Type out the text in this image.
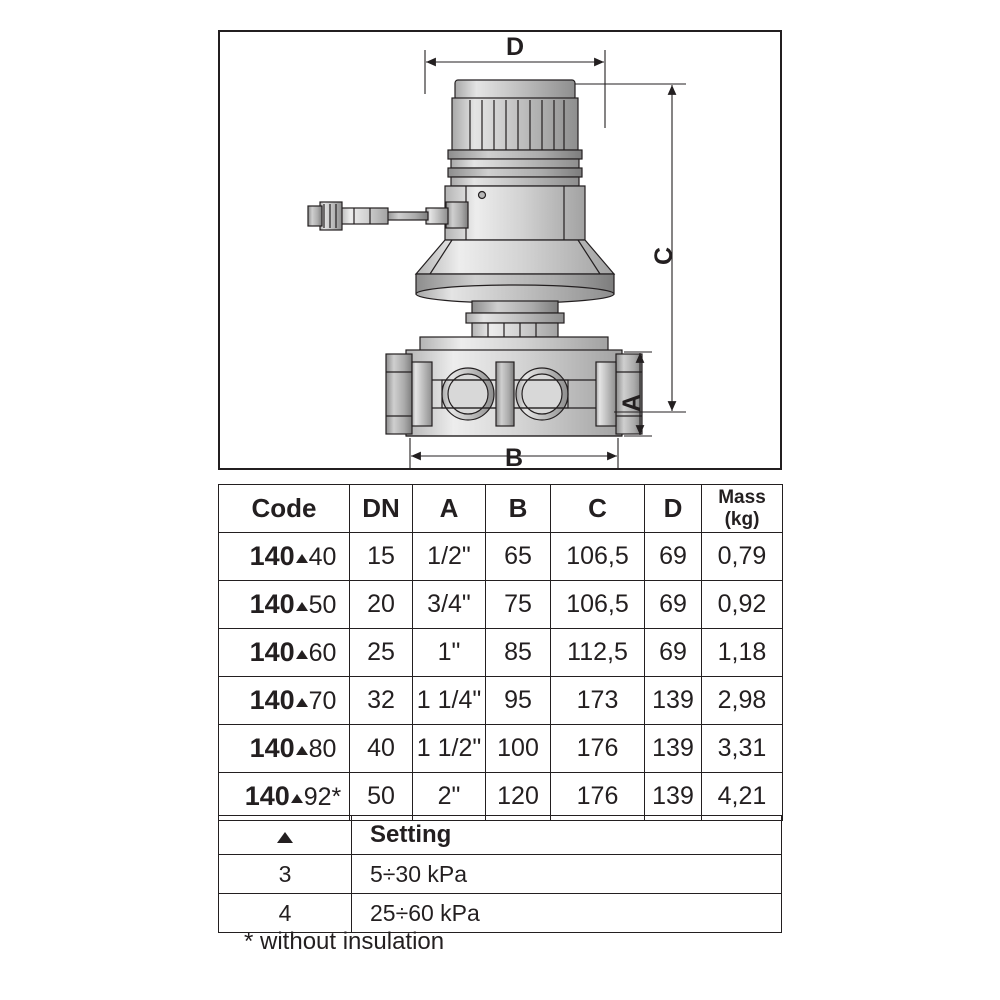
D
C
A
B
Code	DN	A	B	C	D	Mass (kg)
140 40	15	1/2"	65	106,5	69	0,79
140 50	20	3/4"	75	106,5	69	0,92
140 60	25	1"	85	112,5	69	1,18
140 70	32	1 1/4"	95	173	139	2,98
140 80	40	1 1/2"	100	176	139	3,31
140 92*	50	2"	120	176	139	4,21
	Setting
3	5÷30 kPa
4	25÷60 kPa
* without insulation
